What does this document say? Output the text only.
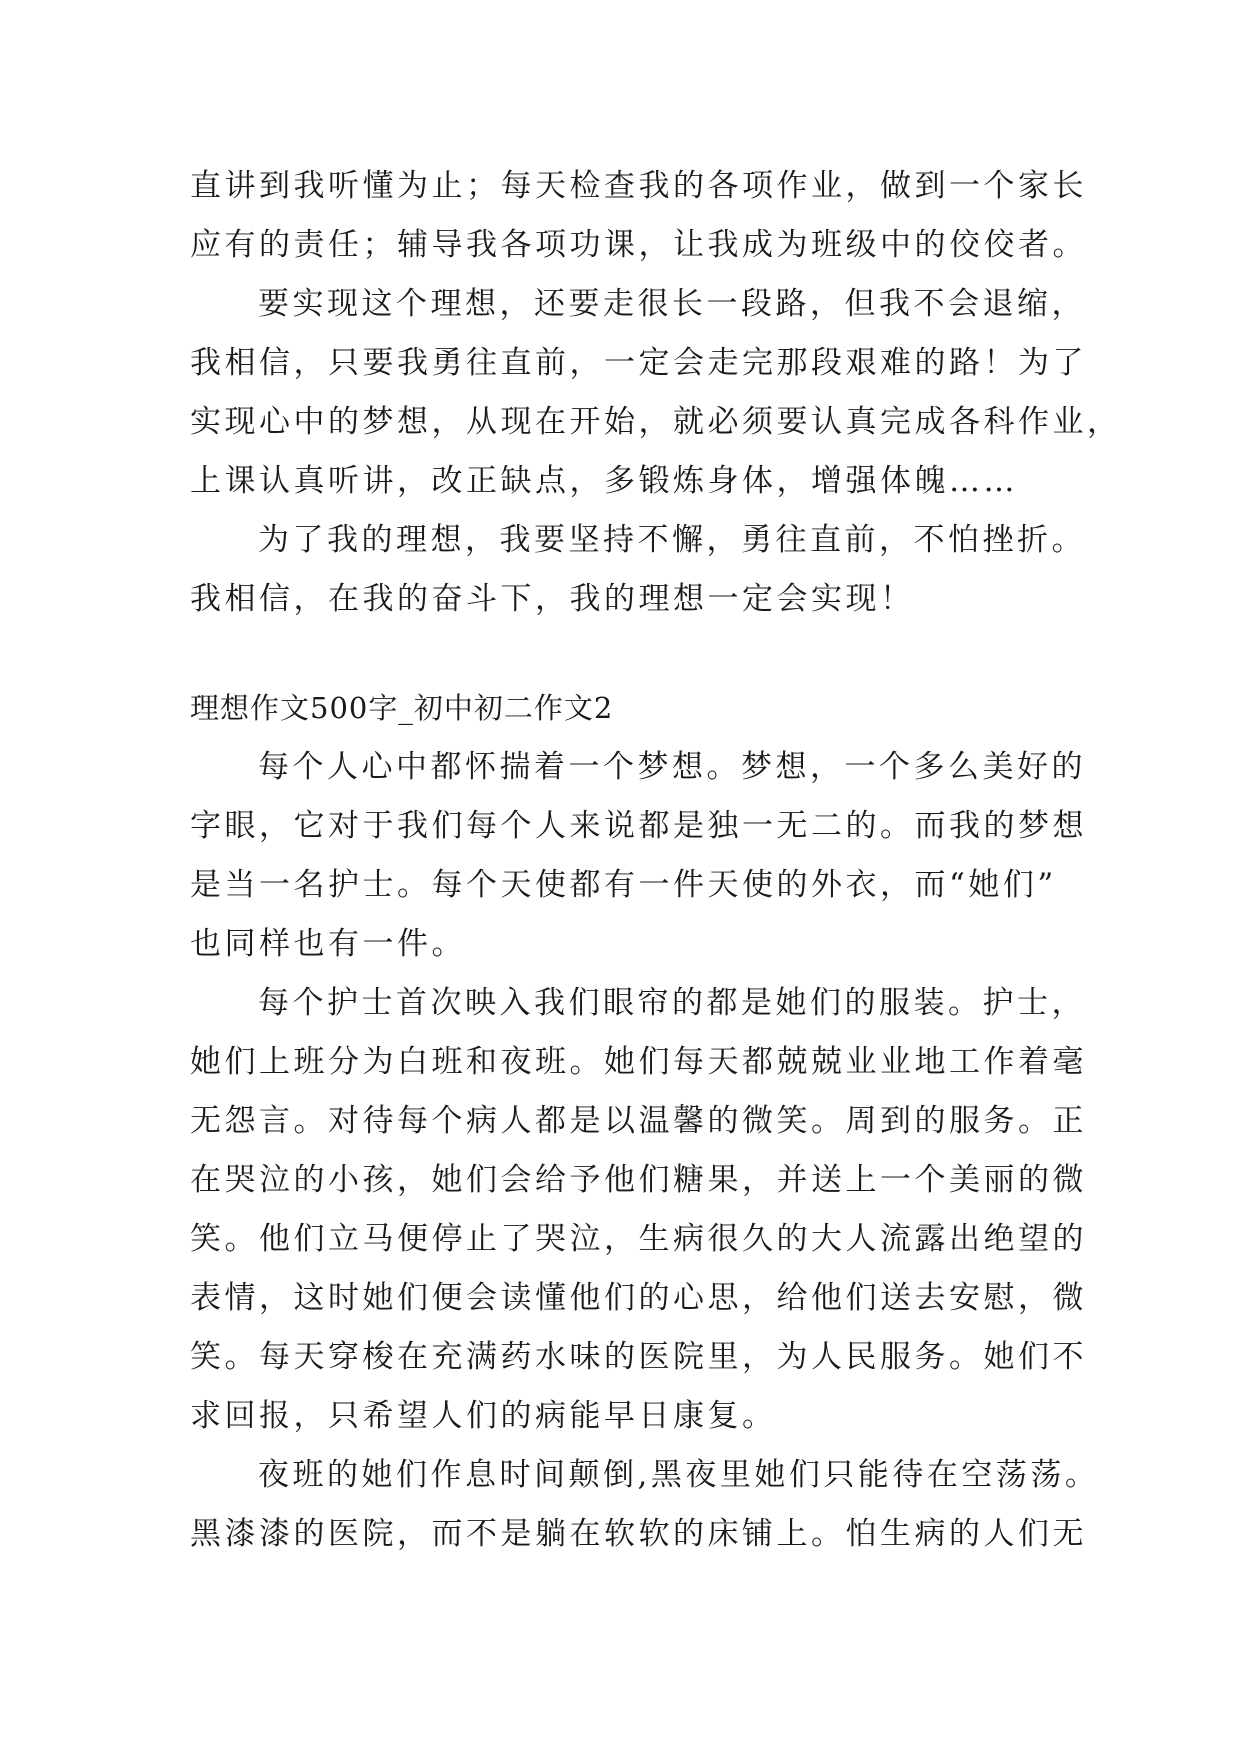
直讲到我听懂为止；每天检查我的各项作业，做到一个家长
应有的责任；辅导我各项功课，让我成为班级中的佼佼者。
要实现这个理想，还要走很长一段路，但我不会退缩，
我相信，只要我勇往直前，一定会走完那段艰难的路！为了
实现心中的梦想，从现在开始，就必须要认真完成各科作业，
上课认真听讲，改正缺点，多锻炼身体，增强体魄……
为了我的理想，我要坚持不懈，勇往直前，不怕挫折。
我相信，在我的奋斗下，我的理想一定会实现！
理想作文500字_初中初二作文2
每个人心中都怀揣着一个梦想。梦想，一个多么美好的
字眼，它对于我们每个人来说都是独一无二的。而我的梦想
是当一名护士。每个天使都有一件天使的外衣，而“她们”
也同样也有一件。
每个护士首次映入我们眼帘的都是她们的服装。护士，
她们上班分为白班和夜班。她们每天都兢兢业业地工作着毫
无怨言。对待每个病人都是以温馨的微笑。周到的服务。正
在哭泣的小孩，她们会给予他们糖果，并送上一个美丽的微
笑。他们立马便停止了哭泣，生病很久的大人流露出绝望的
表情，这时她们便会读懂他们的心思，给他们送去安慰，微
笑。每天穿梭在充满药水味的医院里，为人民服务。她们不
求回报，只希望人们的病能早日康复。
夜班的她们作息时间颠倒,黑夜里她们只能待在空荡荡。
黑漆漆的医院，而不是躺在软软的床铺上。怕生病的人们无
